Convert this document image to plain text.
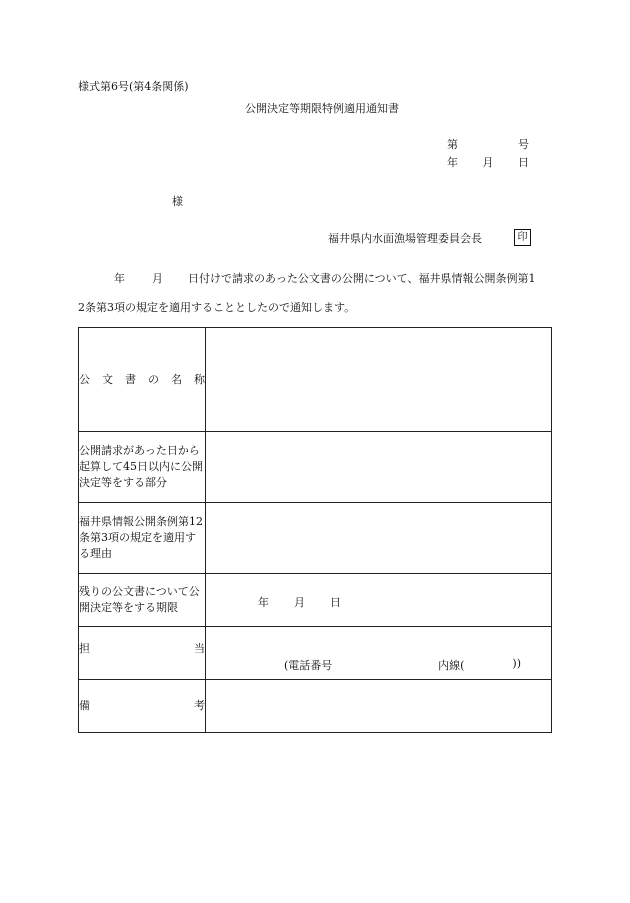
様式第6号(第4条関係)
公開決定等期限特例適用通知書
第	号
年 月 日
様
福井県内水面漁場管理委員会長	印
年	月	日付けで請求のあった公文書の公開について、福井県情報公開条例第1
2条第3項の規定を適用することとしたので通知します。
公 文 書 の 名 称	
公開請求があった日から起算して45日以内に公開決定等をする部分	
福井県情報公開条例第12条第3項の規定を適用する理由	
残りの公文書について公開決定等をする期限	年 月 日

担当	(電話番号 内線( ))

備考	
